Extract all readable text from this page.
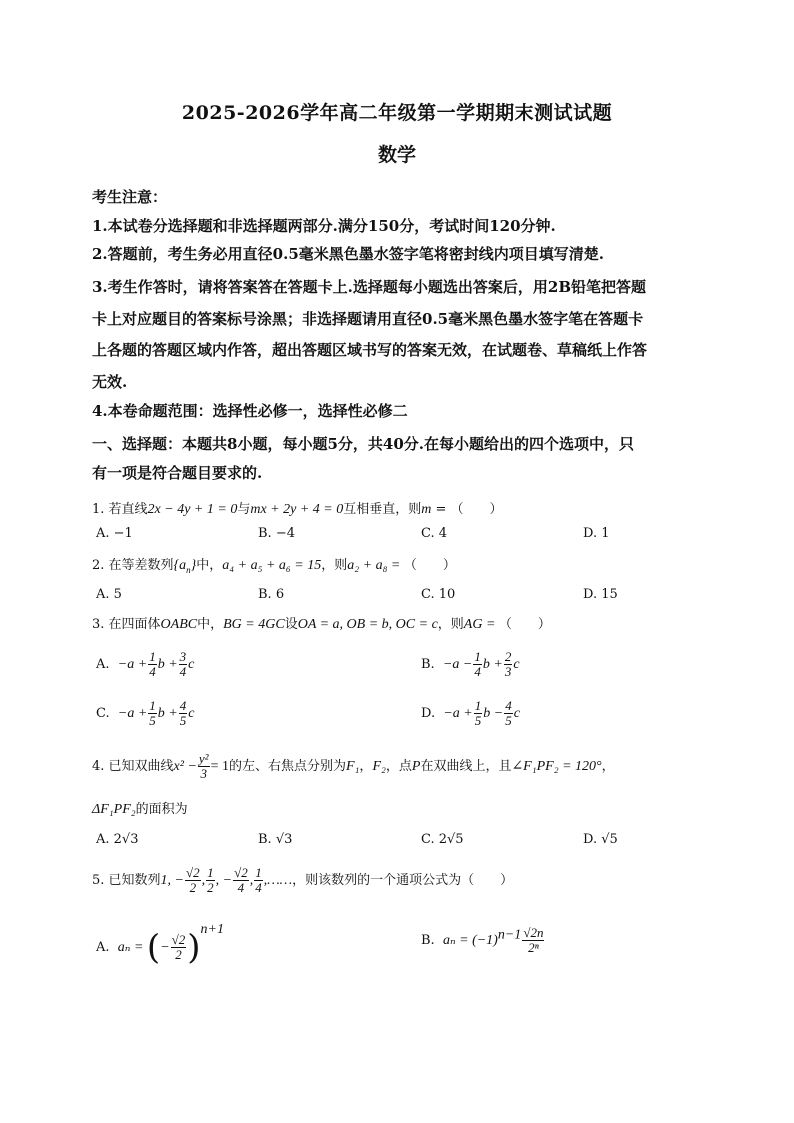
2025-2026学年高二年级第一学期期末测试试题
数学
考生注意：
1.本试卷分选择题和非选择题两部分.满分150分，考试时间120分钟.
2.答题前，考生务必用直径0.5毫米黑色墨水签字笔将密封线内项目填写清楚.
3.考生作答时，请将答案答在答题卡上.选择题每小题选出答案后，用2B铅笔把答题
卡上对应题目的答案标号涂黑；非选择题请用直径0.5毫米黑色墨水签字笔在答题卡
上各题的答题区域内作答，超出答题区域书写的答案无效，在试题卷、草稿纸上作答
无效.
4.本卷命题范围：选择性必修一，选择性必修二
一、选择题：本题共8小题，每小题5分，共40分.在每小题给出的四个选项中，只
有一项是符合题目要求的.
1. 若直线2x − 4y + 1 = 0与mx + 2y + 4 = 0互相垂直，则m = （　　）
A. −1	B. −4	C. 4	D. 1
2. 在等差数列$\{a_n\}$中，a₄ + a₅ + a₆ = 15，则a₂ + a₈ = （　　）
A. 5	B. 6	C. 10	D. 15
3. 在四面体OABC中，BG = 4GC设OA = a, OB = b, OC = c，则AG = （　　）
A. $-a + \frac{1}{4}$ $b + \frac{3}{4}$ c	B. $-a - \frac{1}{4}$ $b + \frac{2}{3}$ c
C. $-a + \frac{1}{5}$ $b + \frac{4}{5}$ c	D. $-a + \frac{1}{5}$ $b - \frac{4}{5}$ c
4. 已知双曲线$x^2 - \frac{\text{y²}}{3} = 1$的左、右焦点分别为F₁，F₂，点P在双曲线上，且∠F₁PF₂ = 120°，
ΔF₁PF₂的面积为
A. 2√3	B. √3	C. 2√5	D. √5
5. 已知数列1, − $\frac{√2}{2}$ , $\frac{1}{2}$ , − $\frac{√2}{4}$ , $\frac{1}{4}$ ,……，则该数列的一个通项公式为（　　）
A. aₙ = (− $\frac{√2}{2} )^{n+1}$
B. $a_n = (-1)^{n-1} \frac{√2n}{\text{2ⁿ}}$
